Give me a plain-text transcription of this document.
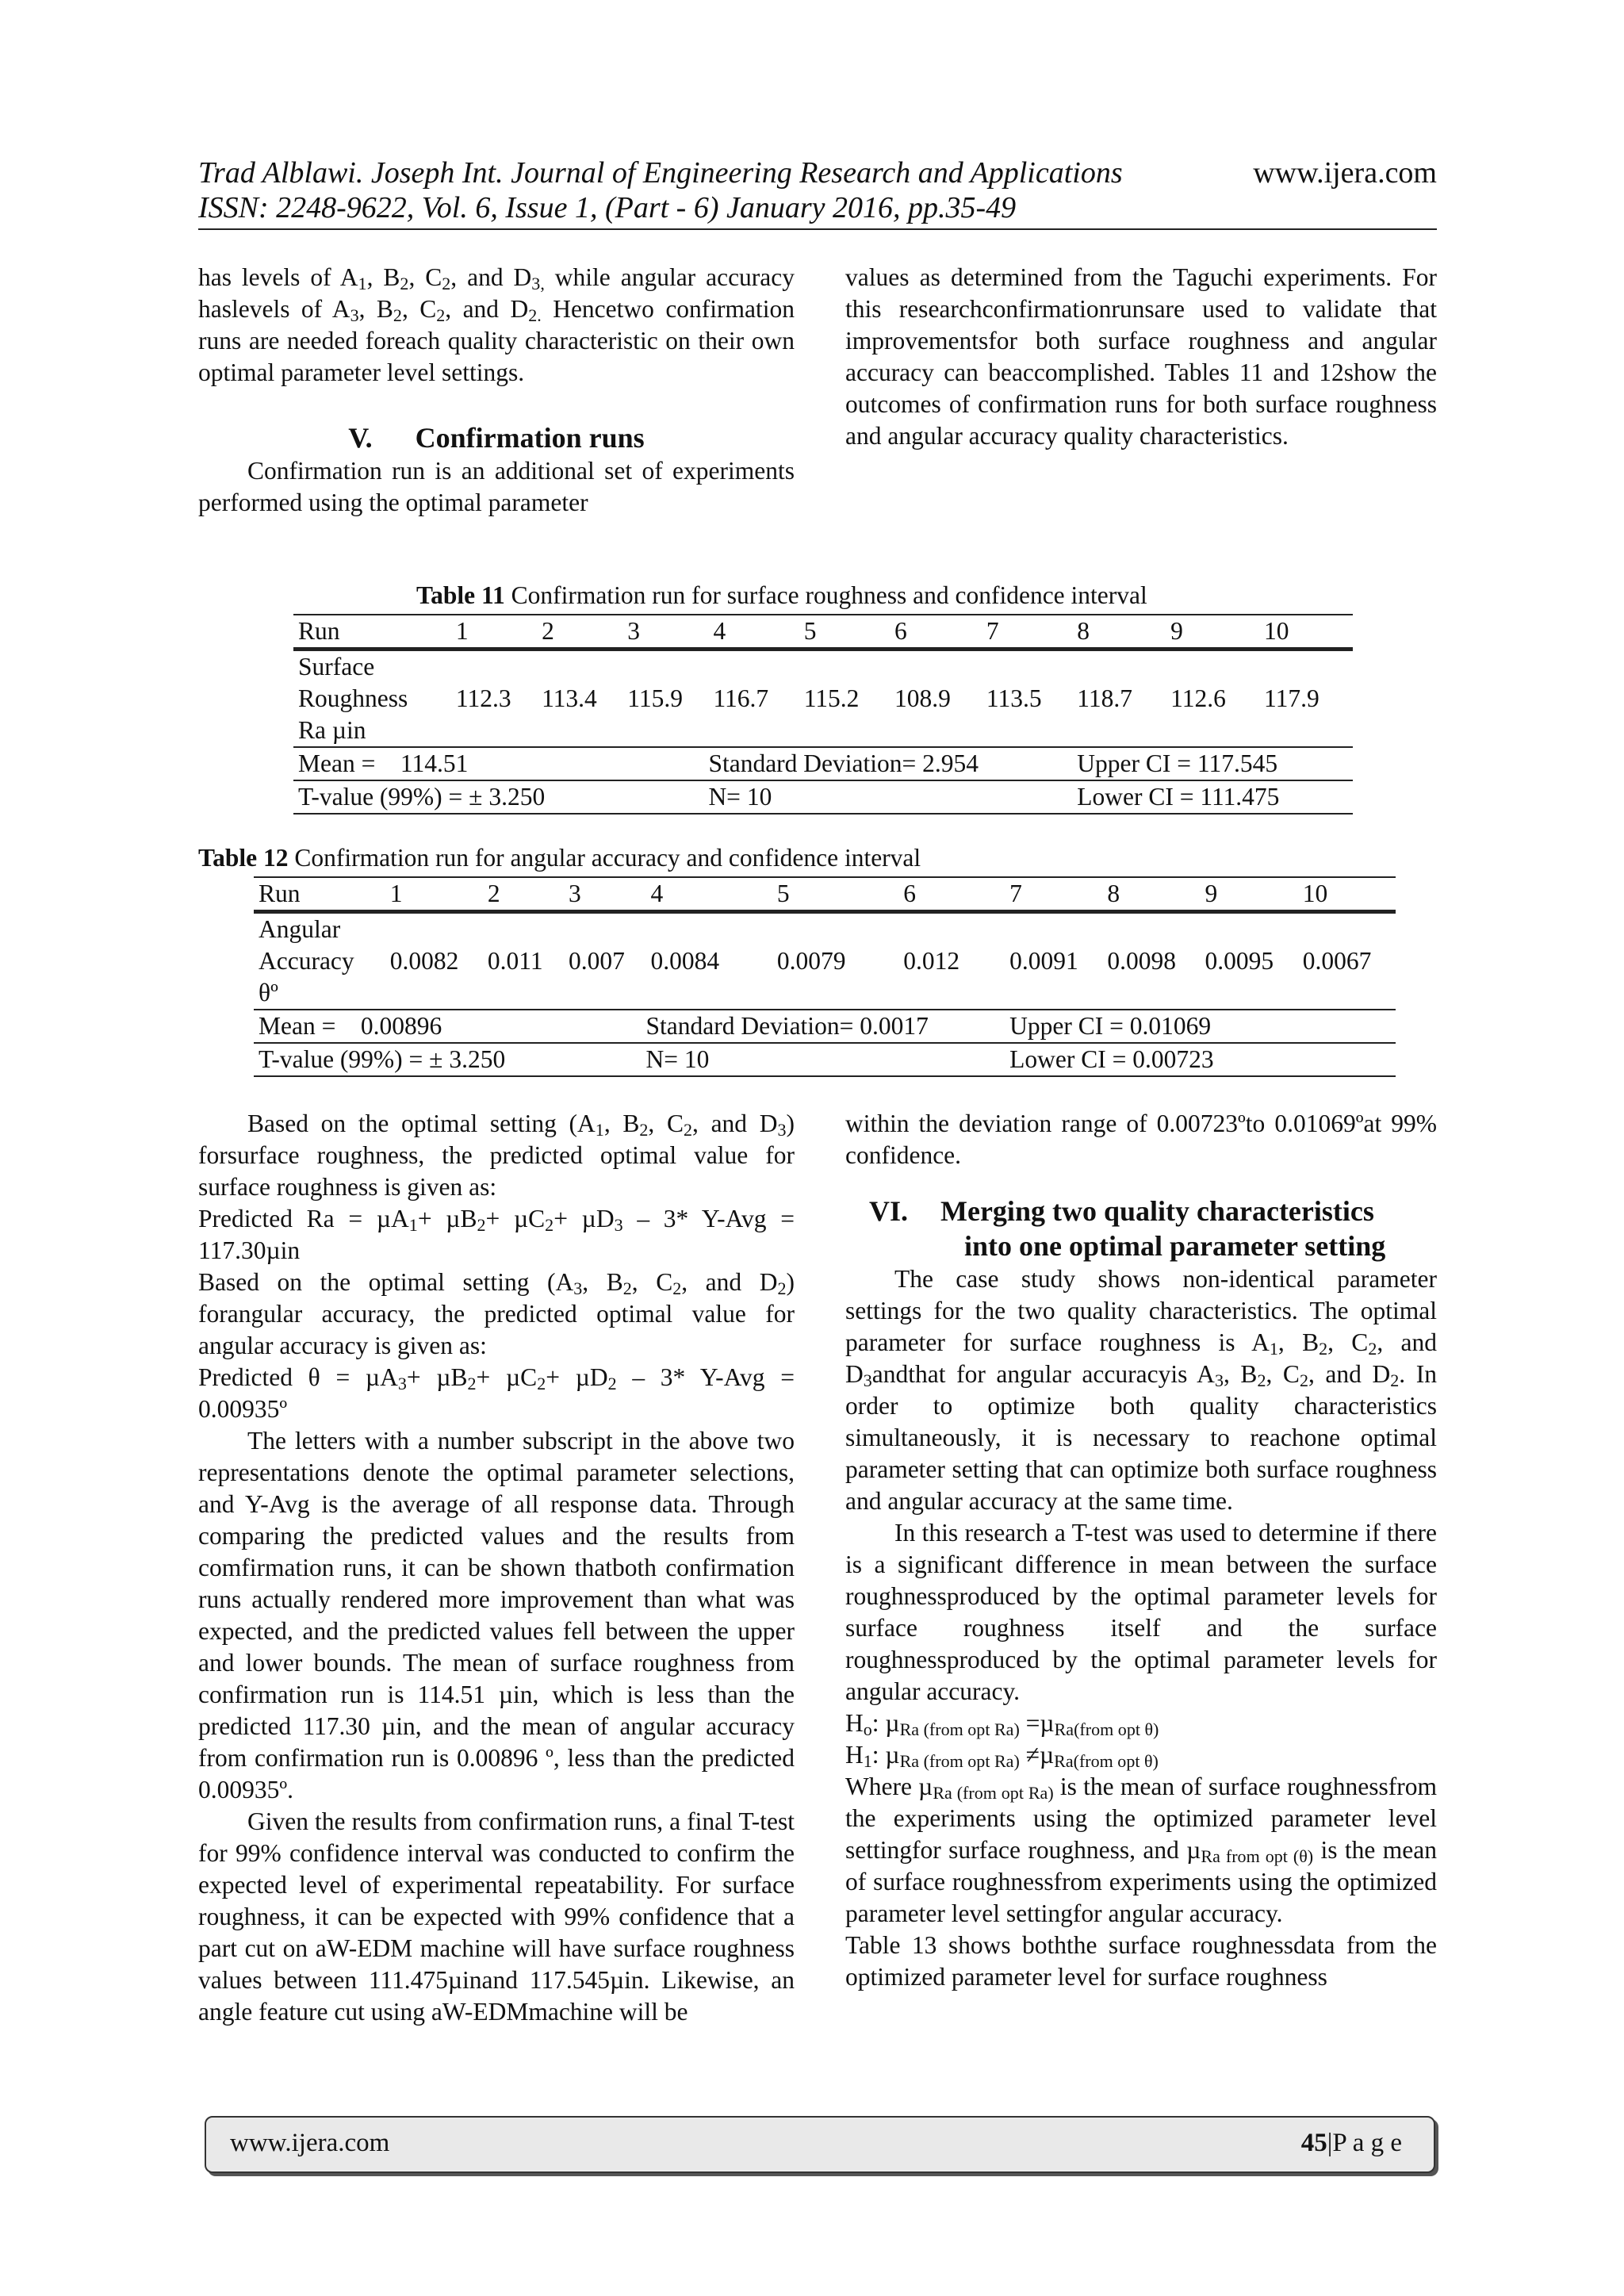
Trad Alblawi. Joseph Int. Journal of Engineering Research and Applications	www.ijera.com
ISSN: 2248-9622, Vol. 6, Issue 1, (Part - 6) January 2016, pp.35-49

has levels of $A_1$, $B_2$, $C_2$, and $D_{3,}$ while angular accuracy haslevels of $A_3$, $B_2$, $C_2$, and $D_{2.}$ Hencetwo confirmation runs are needed foreach quality characteristic on their own optimal parameter level settings.

V. Confirmation runs

Confirmation run is an additional set of experiments performed using the optimal parameter

values as determined from the Taguchi experiments. For this researchconfirmationrunsare used to validate that improvementsfor both surface roughness and angular accuracy can beaccomplished. Tables 11 and 12show the outcomes of confirmation runs for both surface roughness and angular accuracy quality characteristics.

Table 11 Confirmation run for surface roughness and confidence interval
Run	1	2	3	4	5	6	7	8	9	10
Surface
Roughness
Ra µin	112.3	113.4	115.9	116.7	115.2	108.9	113.5	118.7	112.6	117.9
Mean = 114.51				Standard Deviation= 2.954				Upper CI = 117.545		
T-value (99%) = ± 3.250				N= 10				Lower CI = 111.475		
Table 12 Confirmation run for angular accuracy and confidence interval
Run	1	2	3	4	5	6	7	8	9	10
Angular
Accuracy
θº	0.0082	0.011	0.007	0.0084	0.0079	0.012	0.0091	0.0098	0.0095	0.0067
Mean = 0.00896				Standard Deviation= 0.0017			Upper CI = 0.01069			
T-value (99%) = ± 3.250				N= 10			Lower CI = 0.00723			

Based on the optimal setting ($A_1$, $B_2$, $C_2$, and $D_3$) forsurface roughness, the predicted optimal value for surface roughness is given as:

Predicted Ra = µA$_1$+ µB$_2$+ µC$_2$+ µD$_3$ – 3* Y-Avg = 117.30µin

Based on the optimal setting ($A_3$, $B_2$, $C_2$, and $D_2$) forangular accuracy, the predicted optimal value for angular accuracy is given as:

Predicted θ = µA$_3$+ µB$_2$+ µC$_2$+ µD$_2$ – 3* Y-Avg = 0.00935º

The letters with a number subscript in the above two representations denote the optimal parameter selections, and Y-Avg is the average of all response data. Through comparing the predicted values and the results from comfirmation runs, it can be shown thatboth confirmation runs actually rendered more improvement than what was expected, and the predicted values fell between the upper and lower bounds. The mean of surface roughness from confirmation run is 114.51 µin, which is less than the predicted 117.30 µin, and the mean of angular accuracy from confirmation run is 0.00896 º, less than the predicted 0.00935º.

Given the results from confirmation runs, a final T-test for 99% confidence interval was conducted to confirm the expected level of experimental repeatability. For surface roughness, it can be expected with 99% confidence that a part cut on aW-EDM machine will have surface roughness values between 111.475µinand 117.545µin. Likewise, an angle feature cut using aW-EDMmachine will be

within the deviation range of 0.00723ºto 0.01069ºat 99% confidence.

VI. Merging two quality characteristics
into one optimal parameter setting

The case study shows non-identical parameter settings for the two quality characteristics. The optimal parameter for surface roughness is $A_1$, $B_2$, $C_2$, and $D_3andthat$ for angular accuracyis $A_3$, $B_2$, $C_2$, and $D_2$. In order to optimize both quality characteristics simultaneously, it is necessary to reachone optimal parameter setting that can optimize both surface roughness and angular accuracy at the same time.

In this research a T-test was used to determine if there is a significant difference in mean between the surface roughnessproduced by the optimal parameter levels for surface roughness itself and the surface roughnessproduced by the optimal parameter levels for angular accuracy.

$H_o$: µ$_{Ra (from opt Ra)}$ =µ$_{Ra(from opt \theta)}$

$H_1$: µ$_{Ra (from opt Ra)}$ ≠µ$_{Ra(from opt \theta)}$

Where µ$_{Ra (from opt Ra)}$ is the mean of surface roughnessfrom the experiments using the optimized parameter level settingfor surface roughness, and µ$_{Ra from opt (\theta)}$ is the mean of surface roughnessfrom experiments using the optimized parameter level settingfor angular accuracy.

Table 13 shows boththe surface roughnessdata from the optimized parameter level for surface roughness

www.ijera.com	45|P a g e
